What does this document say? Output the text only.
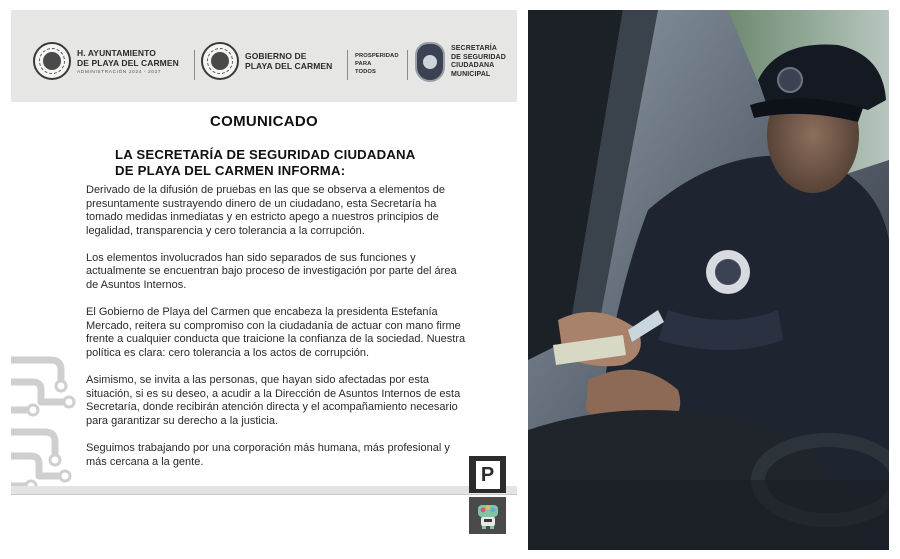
H. AYUNTAMIENTO
DE PLAYA DEL CARMEN
ADMINISTRACIÓN 2024 - 2027
GOBIERNO DE
PLAYA DEL CARMEN
PROSPERIDAD
PARA
TODOS
SECRETARÍA
DE SEGURIDAD
CIUDADANA
MUNICIPAL
COMUNICADO
LA SECRETARÍA DE SEGURIDAD CIUDADANA
DE PLAYA DEL CARMEN INFORMA:

Derivado de la difusión de pruebas en las que se observa a elementos de presuntamente sustrayendo dinero de un ciudadano, esta Secretaría ha tomado medidas inmediatas y en estricto apego a nuestros principios de legalidad, transparencia y cero tolerancia a la corrupción.

Los elementos involucrados han sido separados de sus funciones y actualmente se encuentran bajo proceso de investigación por parte del área de Asuntos Internos.

El Gobierno de Playa del Carmen que encabeza la presidenta Estefanía Mercado, reitera su compromiso con la ciudadanía de actuar con mano firme frente a cualquier conducta que traicione la confianza de la sociedad. Nuestra política es clara: cero tolerancia a los actos de corrupción.

Asimismo, se invita a las personas, que hayan sido afectadas por esta situación, si es su deseo, a acudir a la Dirección de Asuntos Internos de esta Secretaría, donde recibirán atención directa y el acompañamiento necesario para garantizar su derecho a la justicia.

Seguimos trabajando por una corporación más humana, más profesional y más cercana a la gente.

P
